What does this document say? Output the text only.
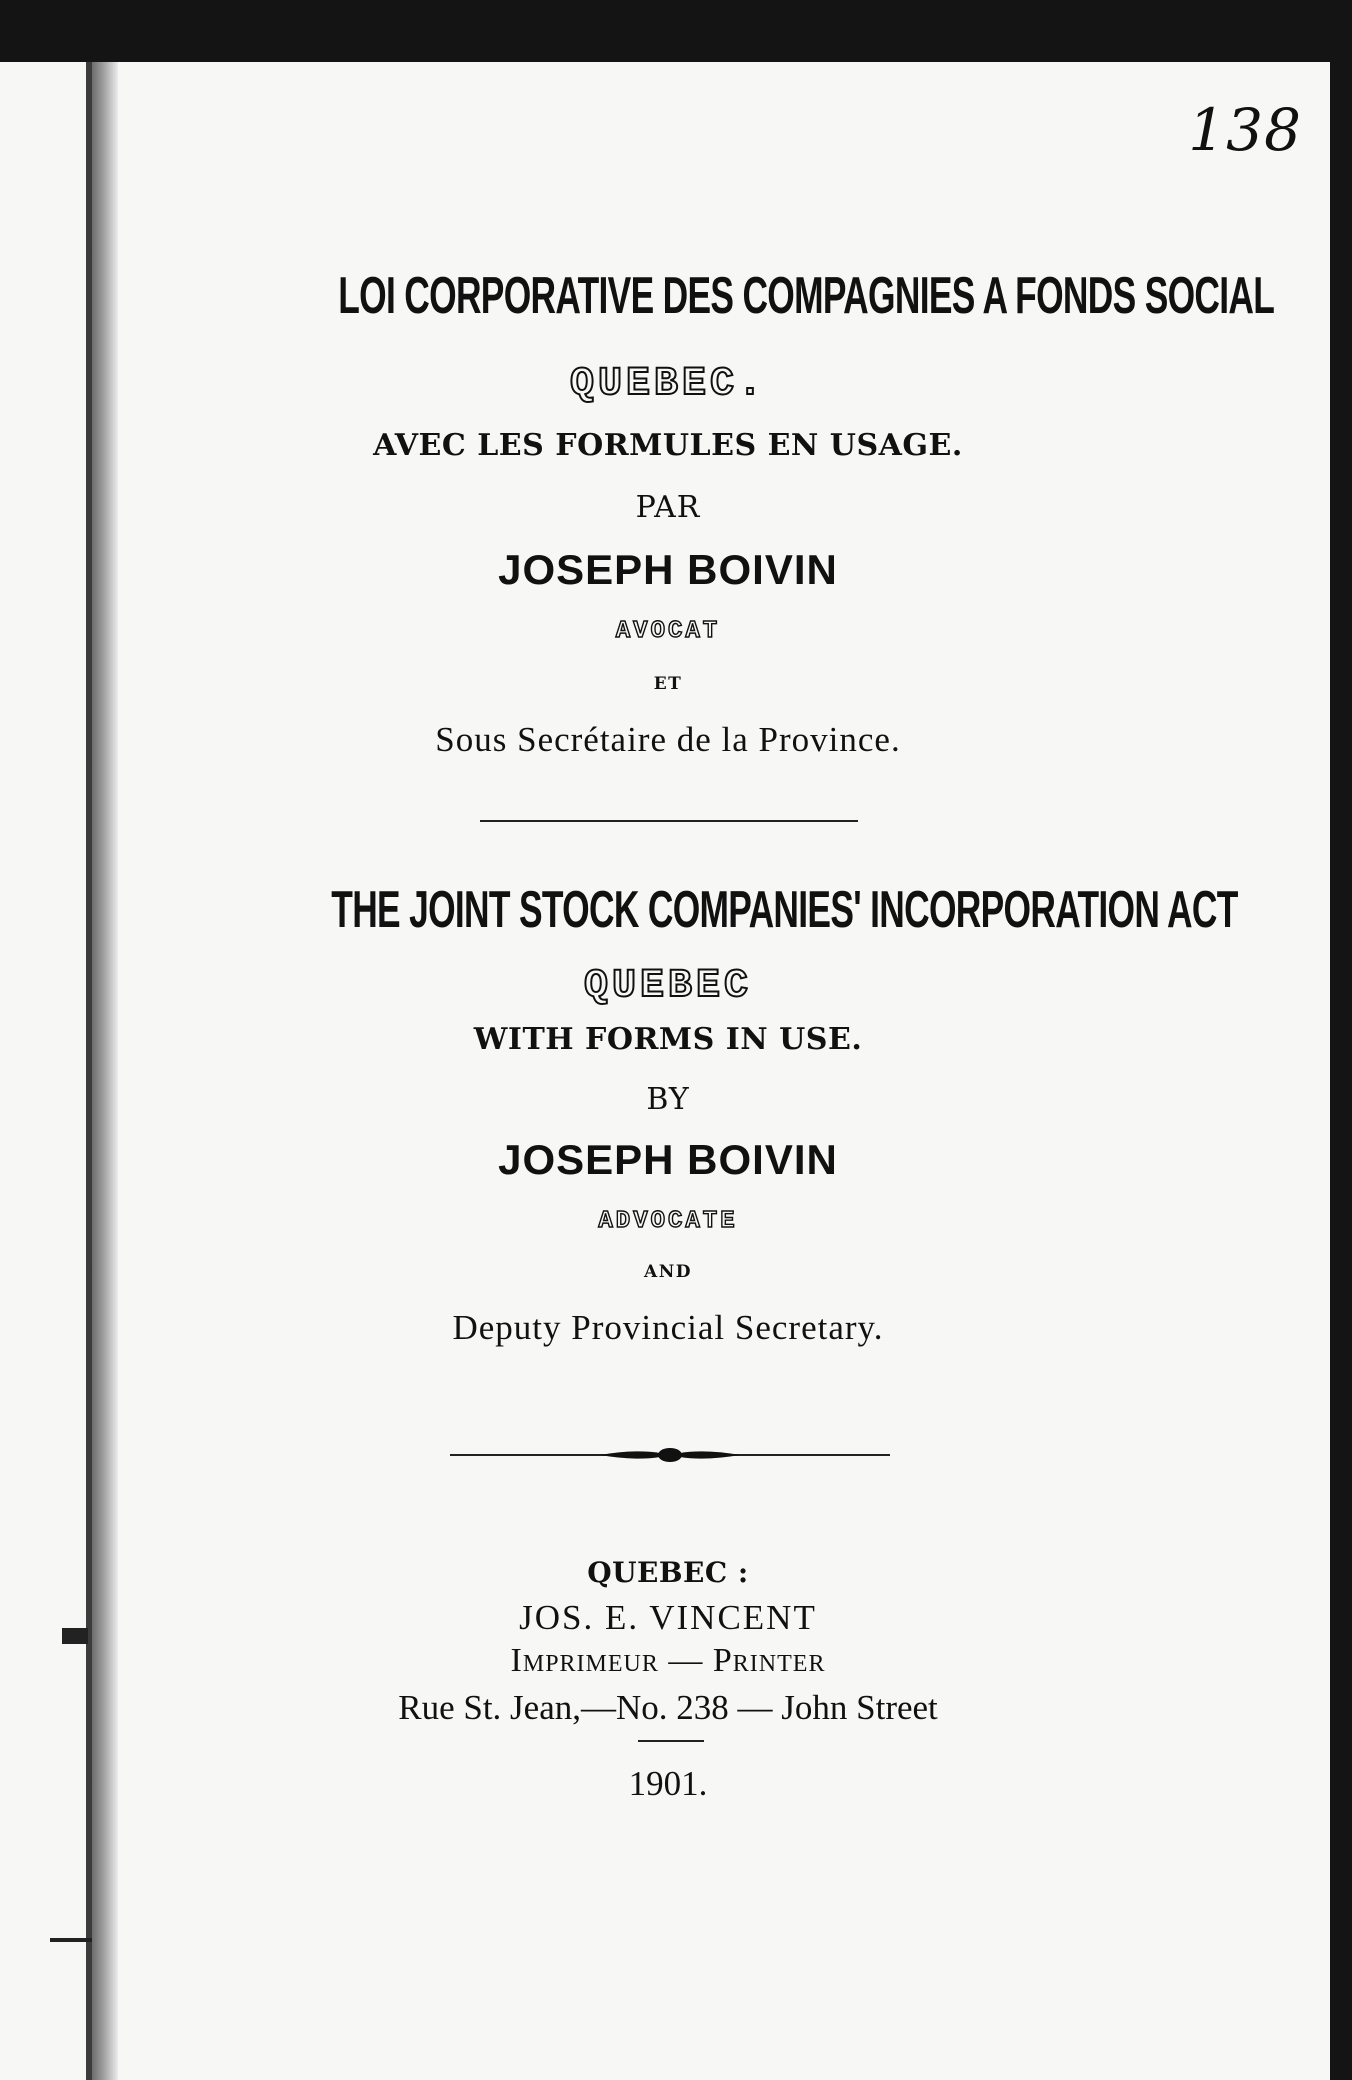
138
LOI CORPORATIVE DES COMPAGNIES A FONDS SOCIAL
QUEBEC.
AVEC LES FORMULES EN USAGE.
PAR
JOSEPH BOIVIN
AVOCAT
ET
Sous Secrétaire de la Province.
THE JOINT STOCK COMPANIES' INCORPORATION ACT
QUEBEC
WITH FORMS IN USE.
BY
JOSEPH BOIVIN
ADVOCATE
AND
Deputy Provincial Secretary.
QUEBEC :
JOS. E. VINCENT
Imprimeur — Printer
Rue St. Jean,—No. 238 — John Street
1901.
